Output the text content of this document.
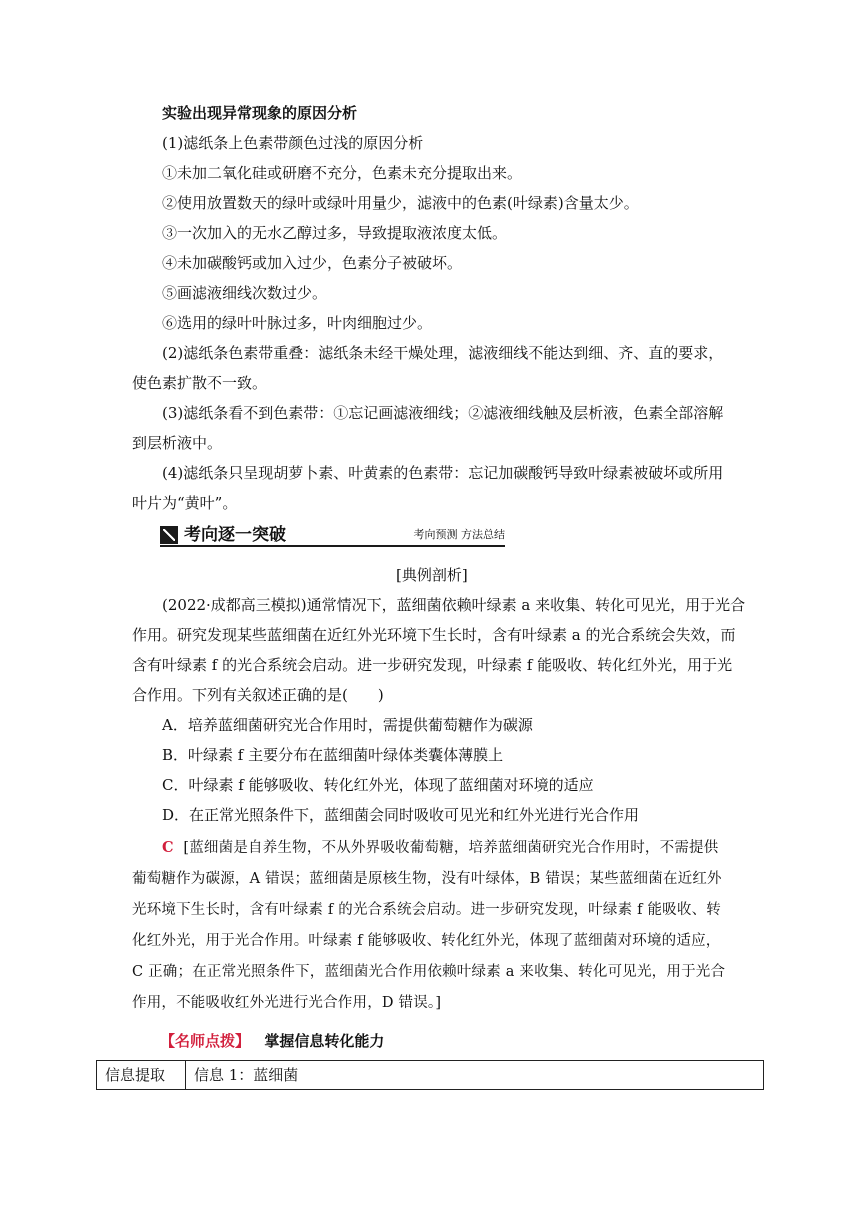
实验出现异常现象的原因分析
(1)滤纸条上色素带颜色过浅的原因分析
①未加二氧化硅或研磨不充分，色素未充分提取出来。
②使用放置数天的绿叶或绿叶用量少，滤液中的色素(叶绿素)含量太少。
③一次加入的无水乙醇过多，导致提取液浓度太低。
④未加碳酸钙或加入过少，色素分子被破坏。
⑤画滤液细线次数过少。
⑥选用的绿叶叶脉过多，叶肉细胞过少。
(2)滤纸条色素带重叠：滤纸条未经干燥处理，滤液细线不能达到细、齐、直的要求，
使色素扩散不一致。
(3)滤纸条看不到色素带：①忘记画滤液细线；②滤液细线触及层析液，色素全部溶解
到层析液中。
(4)滤纸条只呈现胡萝卜素、叶黄素的色素带：忘记加碳酸钙导致叶绿素被破坏或所用
叶片为“黄叶”。
考向逐一突破	考向预测 方法总结
[典例剖析]
(2022·成都高三模拟)通常情况下，蓝细菌依赖叶绿素 a 来收集、转化可见光，用于光合
作用。研究发现某些蓝细菌在近红外光环境下生长时，含有叶绿素 a 的光合系统会失效，而
含有叶绿素 f 的光合系统会启动。进一步研究发现，叶绿素 f 能吸收、转化红外光，用于光
合作用。下列有关叙述正确的是(　　)
A．培养蓝细菌研究光合作用时，需提供葡萄糖作为碳源
B．叶绿素 f 主要分布在蓝细菌叶绿体类囊体薄膜上
C．叶绿素 f 能够吸收、转化红外光，体现了蓝细菌对环境的适应
D．在正常光照条件下，蓝细菌会同时吸收可见光和红外光进行光合作用
C [蓝细菌是自养生物，不从外界吸收葡萄糖，培养蓝细菌研究光合作用时，不需提供
葡萄糖作为碳源，A 错误；蓝细菌是原核生物，没有叶绿体，B 错误；某些蓝细菌在近红外
光环境下生长时，含有叶绿素 f 的光合系统会启动。进一步研究发现，叶绿素 f 能吸收、转
化红外光，用于光合作用。叶绿素 f 能够吸收、转化红外光，体现了蓝细菌对环境的适应，
C 正确；在正常光照条件下，蓝细菌光合作用依赖叶绿素 a 来收集、转化可见光，用于光合
作用，不能吸收红外光进行光合作用，D 错误。]
【名师点拨】 掌握信息转化能力
信息提取	信息 1：蓝细菌
